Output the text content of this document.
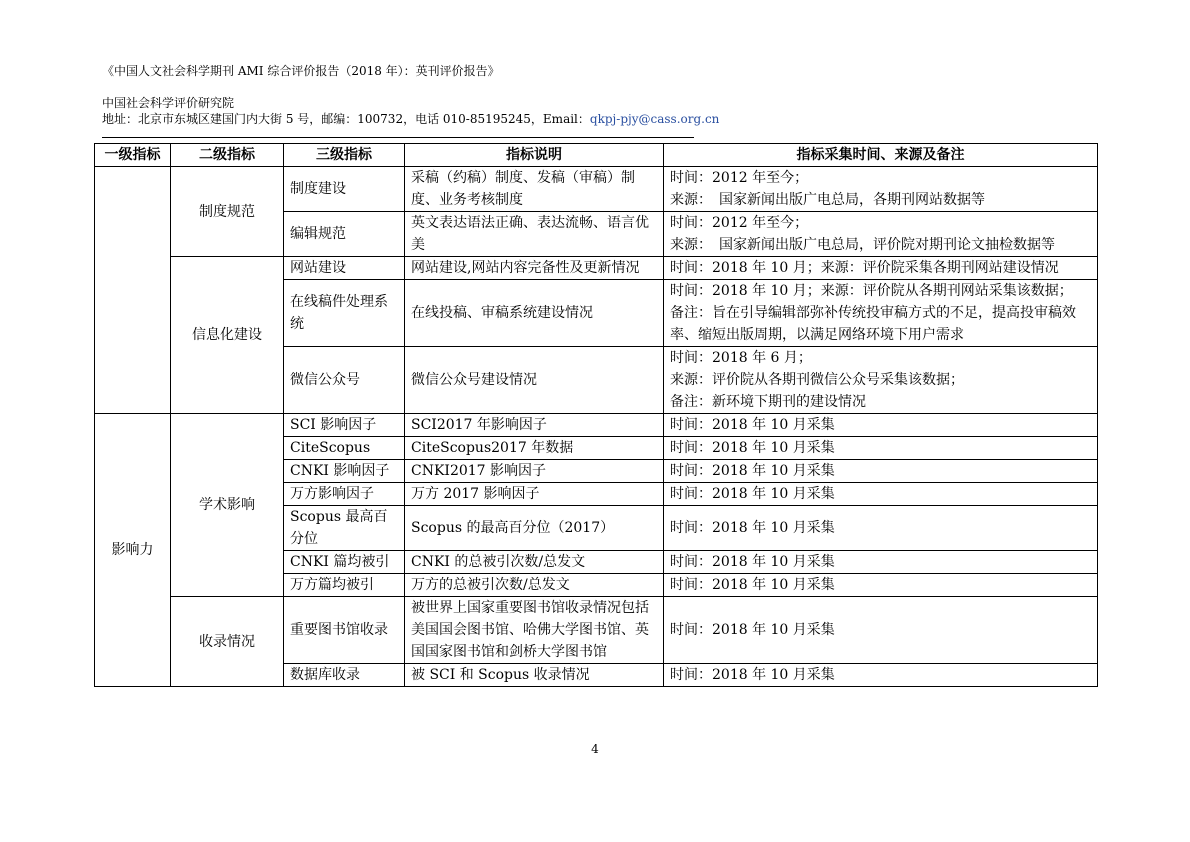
《中国人文社会科学期刊 AMI 综合评价报告（2018 年）：英刊评价报告》
中国社会科学评价研究院
地址：北京市东城区建国门内大街 5 号，邮编：100732，电话 010-85195245，Email：qkpj-pjy@cass.org.cn
一级指标	二级指标	三级指标	指标说明	指标采集时间、来源及备注
	制度规范	制度建设	采稿（约稿）制度、发稿（审稿）制度、业务考核制度	时间：2012 年至今；
来源：　国家新闻出版广电总局，各期刊网站数据等

		编辑规范	英文表达语法正确、表达流畅、语言优美	时间：2012 年至今；
来源：　国家新闻出版广电总局，评价院对期刊论文抽检数据等

	信息化建设	网站建设	网站建设,网站内容完备性及更新情况	时间：2018 年 10 月；来源：评价院采集各期刊网站建设情况

		在线稿件处理系统	在线投稿、审稿系统建设情况	时间：2018 年 10 月；来源：评价院从各期刊网站采集该数据；
备注：旨在引导编辑部弥补传统投审稿方式的不足，提高投审稿效率、缩短出版周期，以满足网络环境下用户需求

		微信公众号	微信公众号建设情况	时间：2018 年 6 月；
来源：评价院从各期刊微信公众号采集该数据；
备注：新环境下期刊的建设情况

影响力	学术影响	SCI 影响因子	SCI2017 年影响因子	时间：2018 年 10 月采集

		CiteScopus	CiteScopus2017 年数据	时间：2018 年 10 月采集

		CNKI 影响因子	CNKI2017 影响因子	时间：2018 年 10 月采集

		万方影响因子	万方 2017 影响因子	时间：2018 年 10 月采集

		Scopus 最高百分位	Scopus 的最高百分位（2017）	时间：2018 年 10 月采集

		CNKI 篇均被引	CNKI 的总被引次数/总发文	时间：2018 年 10 月采集

		万方篇均被引	万方的总被引次数/总发文	时间：2018 年 10 月采集

	收录情况	重要图书馆收录	被世界上国家重要图书馆收录情况包括美国国会图书馆、哈佛大学图书馆、英国国家图书馆和剑桥大学图书馆	时间：2018 年 10 月采集

		数据库收录	被 SCI 和 Scopus 收录情况	时间：2018 年 10 月采集
4
